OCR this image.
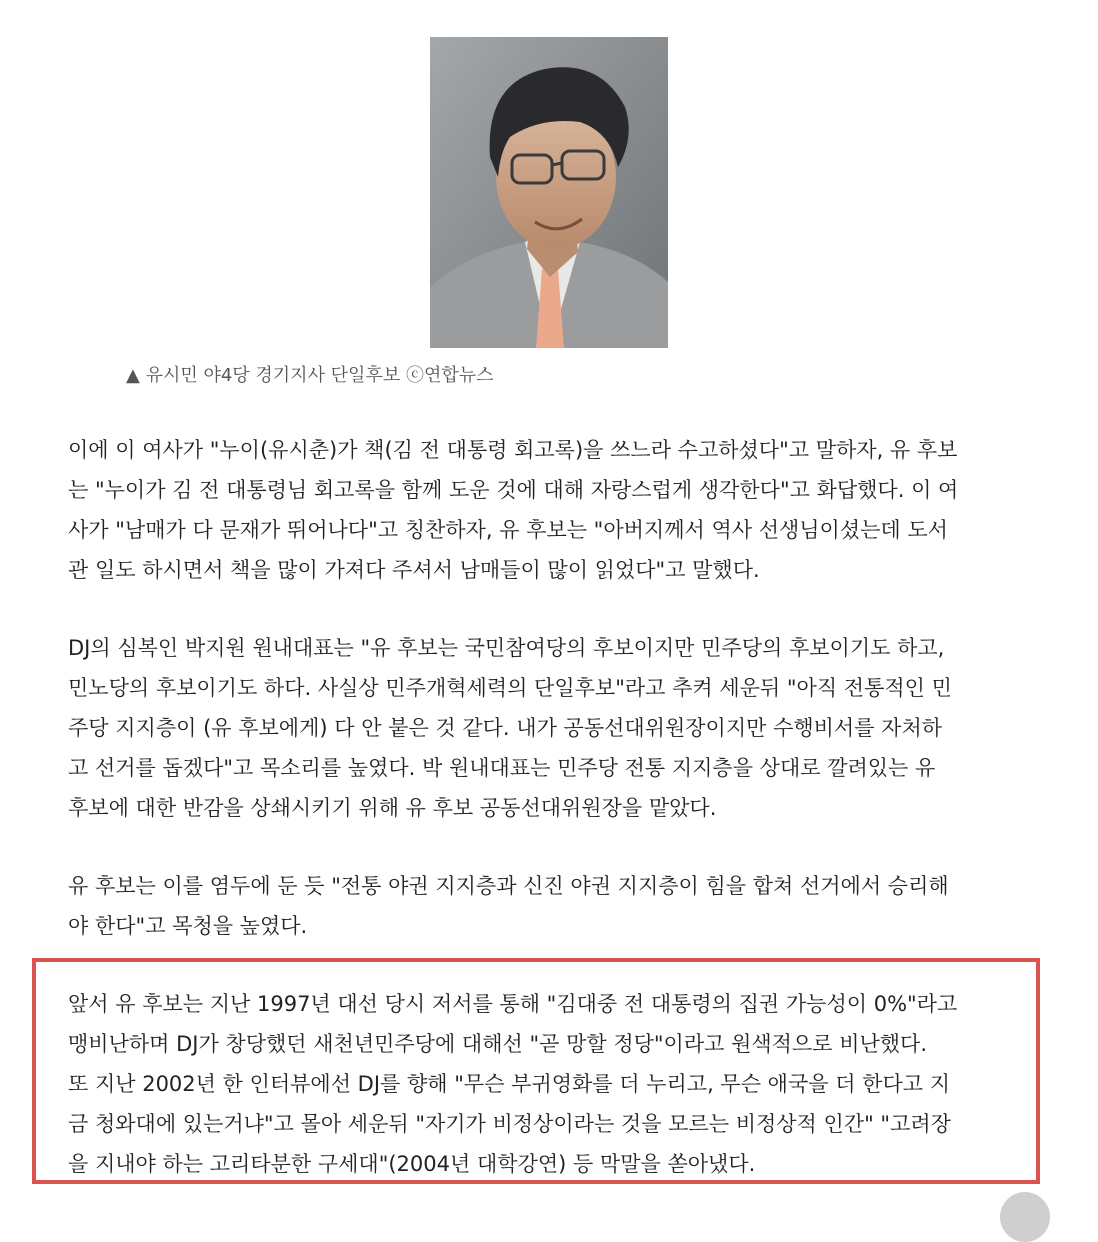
▲ 유시민 야4당 경기지사 단일후보 ⓒ연합뉴스
이에 이 여사가 "누이(유시춘)가 책(김 전 대통령 회고록)을 쓰느라 수고하셨다"고 말하자, 유 후보
는 "누이가 김 전 대통령님 회고록을 함께 도운 것에 대해 자랑스럽게 생각한다"고 화답했다. 이 여
사가 "남매가 다 문재가 뛰어나다"고 칭찬하자, 유 후보는 "아버지께서 역사 선생님이셨는데 도서
관 일도 하시면서 책을 많이 가져다 주셔서 남매들이 많이 읽었다"고 말했다.
DJ의 심복인 박지원 원내대표는 "유 후보는 국민참여당의 후보이지만 민주당의 후보이기도 하고,
민노당의 후보이기도 하다. 사실상 민주개혁세력의 단일후보"라고 추켜 세운뒤 "아직 전통적인 민
주당 지지층이 (유 후보에게) 다 안 붙은 것 같다. 내가 공동선대위원장이지만 수행비서를 자처하
고 선거를 돕겠다"고 목소리를 높였다. 박 원내대표는 민주당 전통 지지층을 상대로 깔려있는 유
후보에 대한 반감을 상쇄시키기 위해 유 후보 공동선대위원장을 맡았다.
유 후보는 이를 염두에 둔 듯 "전통 야권 지지층과 신진 야권 지지층이 힘을 합쳐 선거에서 승리해
야 한다"고 목청을 높였다.
앞서 유 후보는 지난 1997년 대선 당시 저서를 통해 "김대중 전 대통령의 집권 가능성이 0%"라고
맹비난하며 DJ가 창당했던 새천년민주당에 대해선 "곧 망할 정당"이라고 원색적으로 비난했다.
또 지난 2002년 한 인터뷰에선 DJ를 향해 "무슨 부귀영화를 더 누리고, 무슨 애국을 더 한다고 지
금 청와대에 있는거냐"고 몰아 세운뒤 "자기가 비정상이라는 것을 모르는 비정상적 인간" "고려장
을 지내야 하는 고리타분한 구세대"(2004년 대학강연) 등 막말을 쏟아냈다.
